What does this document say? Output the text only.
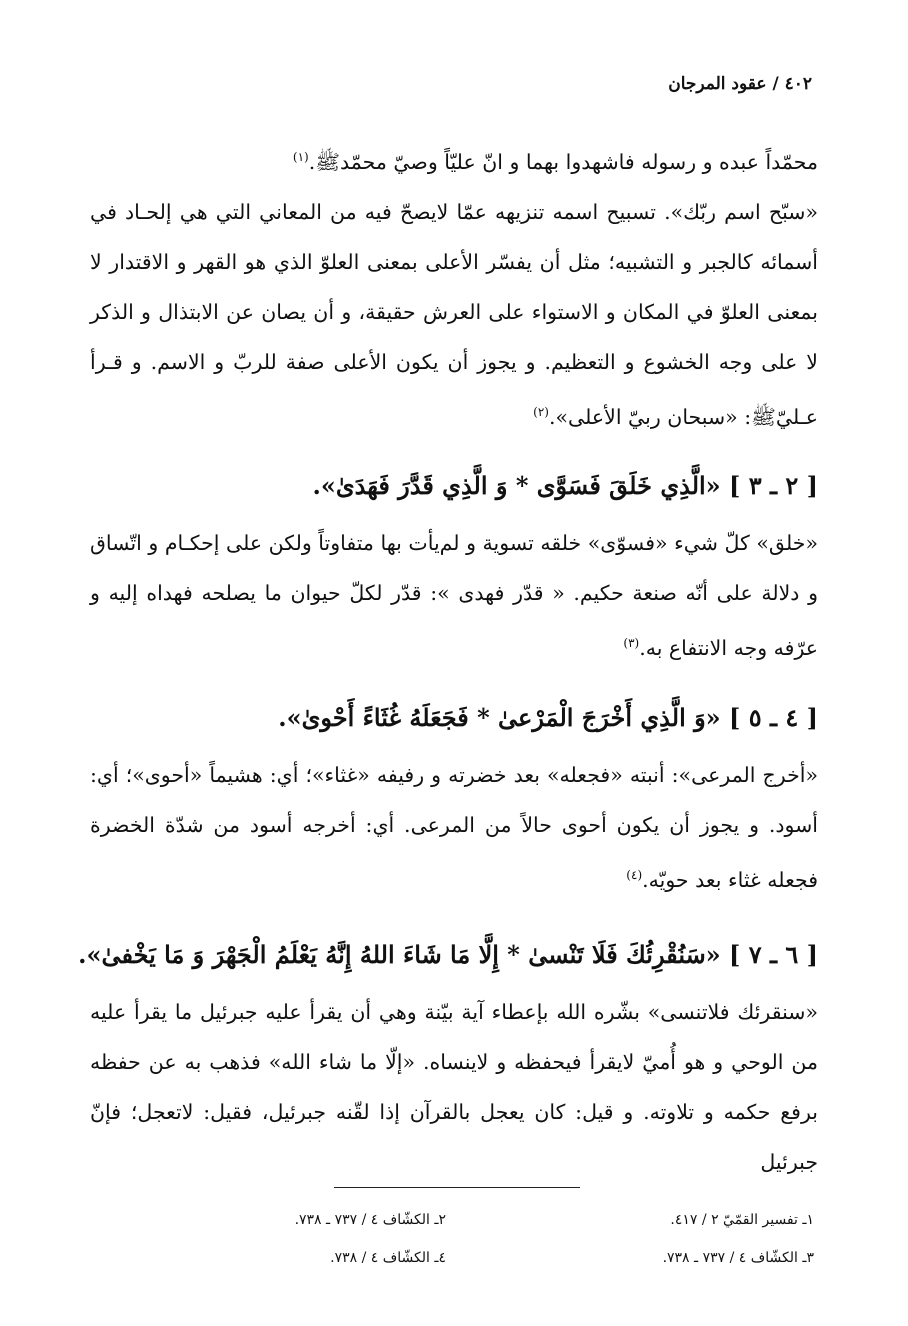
٤٠٢ / عقود المرجان

محمّداً عبده و رسوله فاشهدوا بهما و انّ عليّاً وصيّ محمّدﷺ.$^{(١)}$

«سبّح اسم ربّك». تسبيح اسمه تنزيهه عمّا لايصحّ فيه من المعاني التي هي إلحـاد في أسمائه كالجبر و التشبيه؛ مثل أن يفسّر الأعلى بمعنى العلوّ الذي هو القهر و الاقتدار لا بمعنى العلوّ في المكان و الاستواء على العرش حقيقة، و أن يصان عن الابتذال و الذكر لا على وجه الخشوع و التعظيم. و يجوز أن يكون الأعلى صفة للربّ و الاسم. و قـرأ عـليّﷺ: «سبحان ربيّ الأعلى».$^{(٢)}$

[ ٢ ـ ٣ ] «الَّذِي خَلَقَ فَسَوَّى * وَ الَّذِي قَدَّرَ فَهَدَىٰ».

«خلق» كلّ شيء «فسوّى» خلقه تسوية و لم‌يأت بها متفاوتاً ولكن على إحكـام و اتّساق و دلالة على أنّه صنعة حكيم. « قدّر فهدى »: قدّر لكلّ حيوان ما يصلحه فهداه إليه و عرّفه وجه الانتفاع به.$^{(٣)}$

[ ٤ ـ ٥ ] «وَ الَّذِي أَخْرَجَ الْمَرْعىٰ * فَجَعَلَهُ غُثَاءً أَحْوىٰ».

«أخرج المرعى»: أنبته «فجعله» بعد خضرته و رفيفه «غثاء»؛ أي: هشيماً «أحوى»؛ أي: أسود. و يجوز أن يكون أحوى حالاً من المرعى. أي: أخرجه أسود من شدّة الخضرة فجعله غثاء بعد حويّه.$^{(٤)}$

[ ٦ ـ ٧ ] «سَنُقْرِئُكَ فَلَا تَنْسىٰ * إِلَّا مَا شَاءَ اللهُ إِنَّهُ يَعْلَمُ الْجَهْرَ وَ مَا يَخْفىٰ».

«سنقرئك فلاتنسى» بشّره الله بإعطاء آية بيّنة وهي أن يقرأ عليه جبرئيل ما يقرأ عليه من الوحي و هو أُميّ لايقرأ فيحفظه و لاينساه. «إلّا ما شاء الله» فذهب به عن حفظه برفع حكمه و تلاوته. و قيل: كان يعجل بالقرآن إذا لقّنه جبرئيل، فقيل: لاتعجل؛ فإنّ جبرئيل

١ـ تفسير القمّيّ ٢ / ٤١٧.
٢ـ الكشّاف ٤ / ٧٣٧ ـ ٧٣٨.
٣ـ الكشّاف ٤ / ٧٣٧ ـ ٧٣٨.
٤ـ الكشّاف ٤ / ٧٣٨.
